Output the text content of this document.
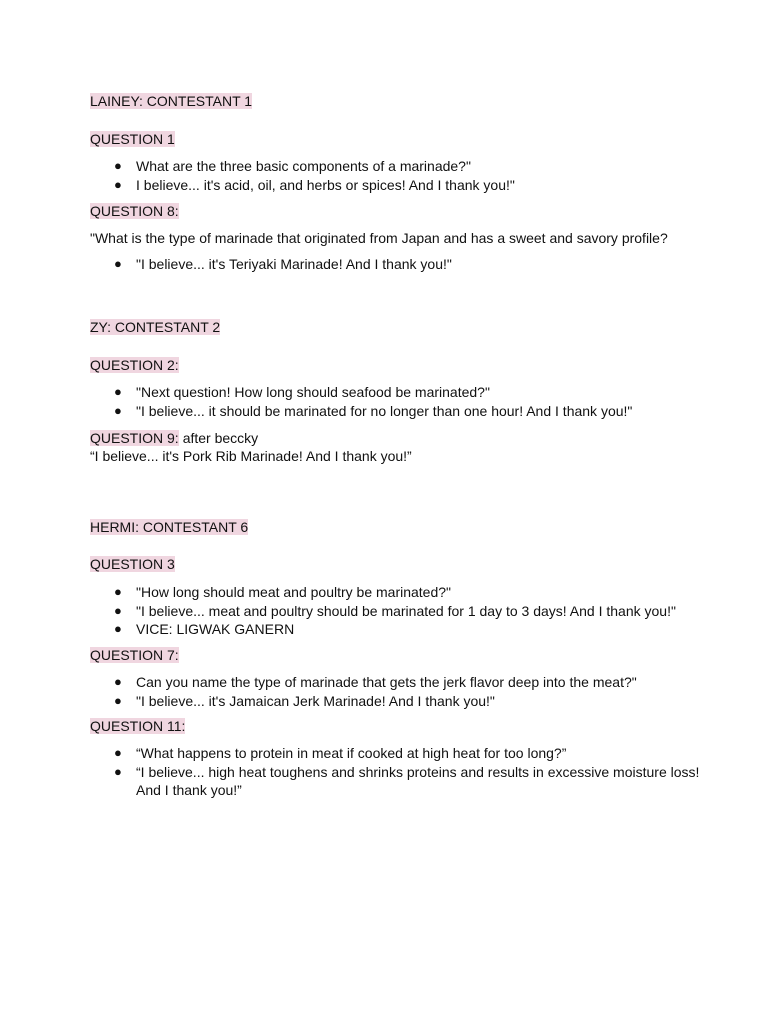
LAINEY: CONTESTANT 1
QUESTION 1
● What are the three basic components of a marinade?"
● I believe... it's acid, oil, and herbs or spices! And I thank you!"
QUESTION 8:
"What is the type of marinade that originated from Japan and has a sweet and savory profile?
● "I believe... it's Teriyaki Marinade! And I thank you!"
ZY: CONTESTANT 2
QUESTION 2:
● "Next question! How long should seafood be marinated?"
● "I believe... it should be marinated for no longer than one hour! And I thank you!"
QUESTION 9: after beccky
“I believe... it's Pork Rib Marinade! And I thank you!”
HERMI: CONTESTANT 6
QUESTION 3
● "How long should meat and poultry be marinated?"
● "I believe... meat and poultry should be marinated for 1 day to 3 days! And I thank you!"
● VICE: LIGWAK GANERN
QUESTION 7:
● Can you name the type of marinade that gets the jerk flavor deep into the meat?"
● "I believe... it's Jamaican Jerk Marinade! And I thank you!"
QUESTION 11:
● “What happens to protein in meat if cooked at high heat for too long?”
● “I believe... high heat toughens and shrinks proteins and results in excessive moisture loss! And I thank you!”
